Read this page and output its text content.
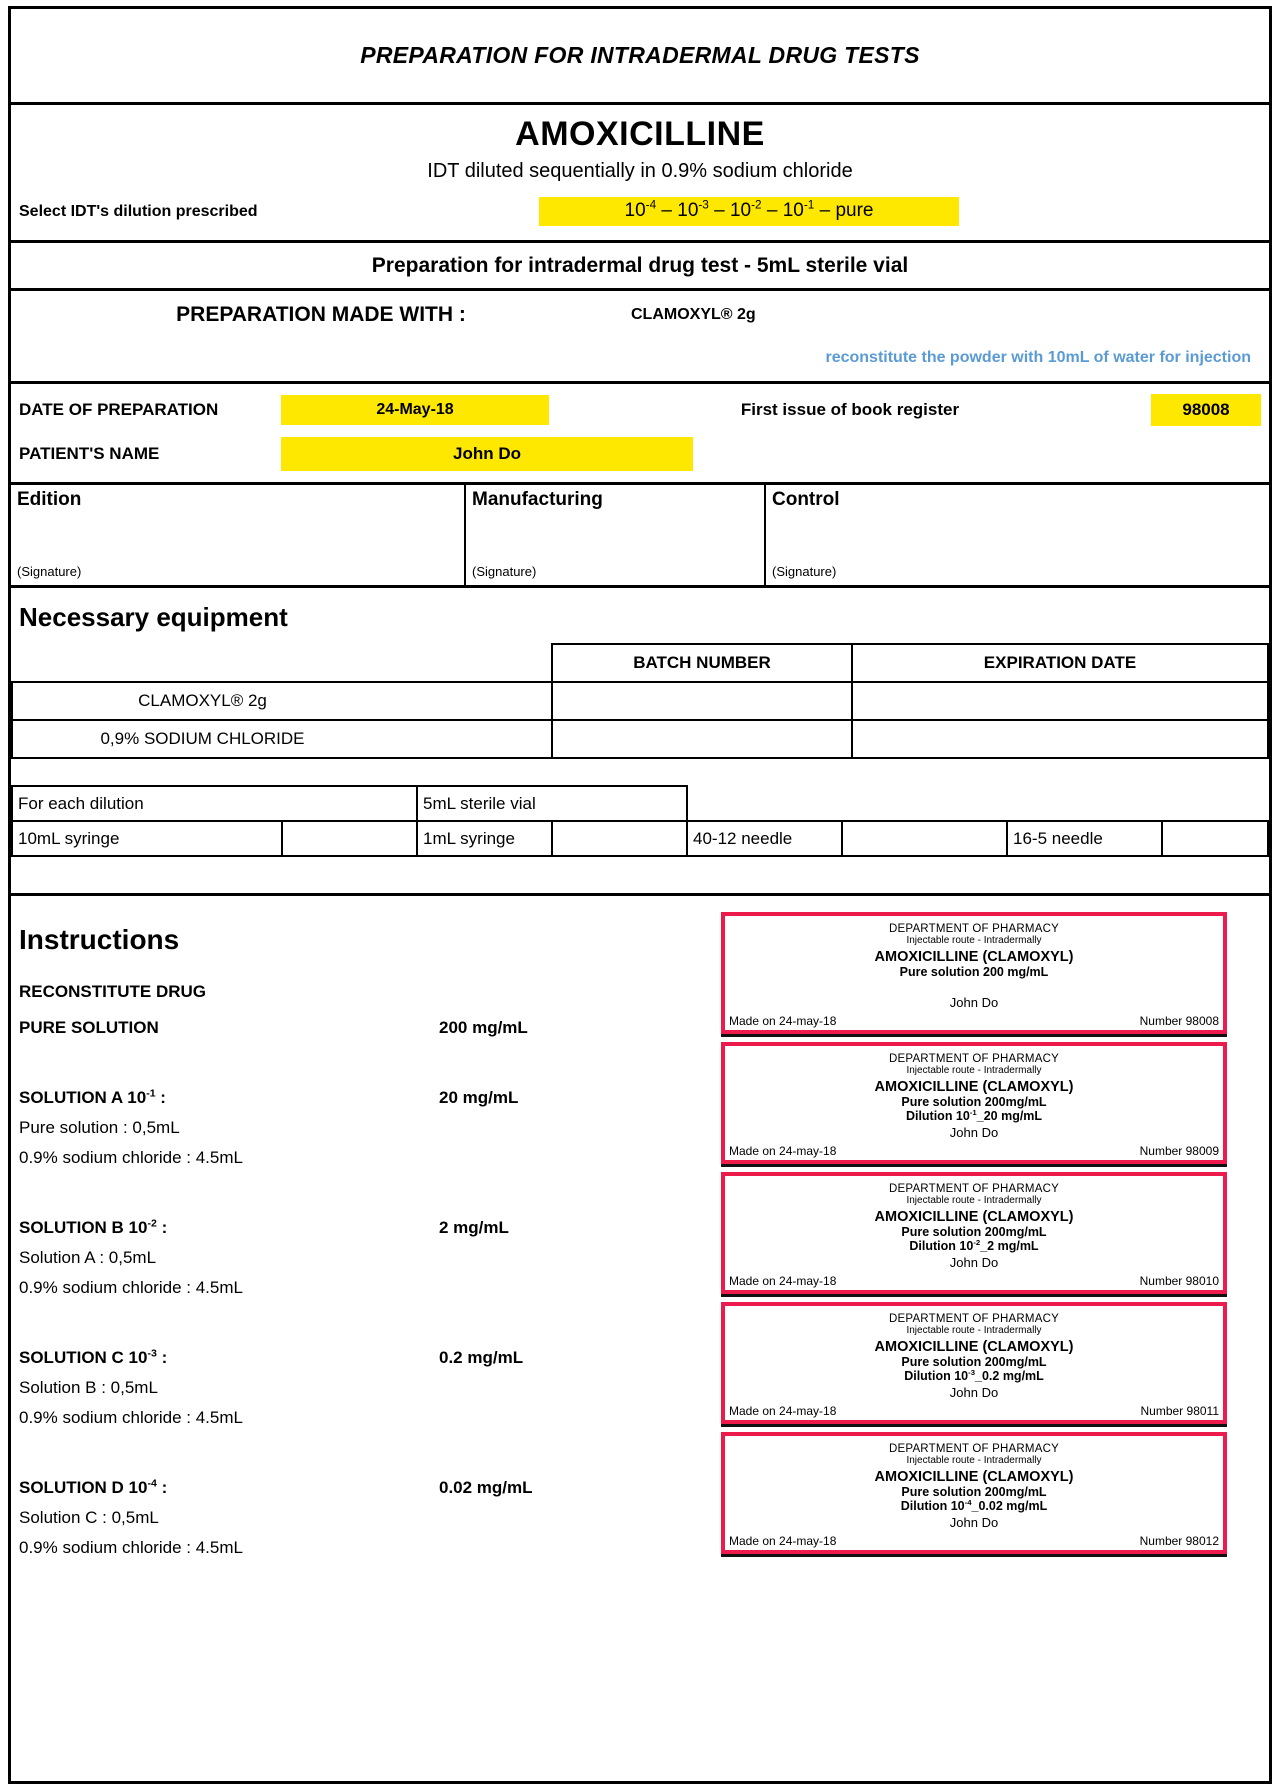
PREPARATION FOR INTRADERMAL DRUG TESTS
AMOXICILLINE
IDT diluted sequentially in 0.9% sodium chloride
Select IDT's dilution prescribed	$10^{-4} - 10^{-3} - 10^{-2} - 10^{-1}$ – pure
Preparation for intradermal drug test - 5mL sterile vial
PREPARATION MADE WITH :	CLAMOXYL® 2g
reconstitute the powder with 10mL of water for injection
DATE OF PREPARATION	24-May-18	First issue of book register	98008
PATIENT'S NAME	John Do
Edition
(Signature)
Manufacturing
(Signature)
Control
(Signature)
Necessary equipment
	BATCH NUMBER	EXPIRATION DATE
CLAMOXYL® 2g		
0,9% SODIUM CHLORIDE		
For each dilution		5mL sterile vial					
10mL syringe		1mL syringe		40-12 needle		16-5 needle	
Instructions
RECONSTITUTE DRUG
PURE SOLUTION	200 mg/mL
SOLUTION A $10^{-1}$ :	20 mg/mL
Pure solution : 0,5mL
0.9% sodium chloride : 4.5mL
SOLUTION B $10^{-2}$ :	2 mg/mL
Solution A : 0,5mL
0.9% sodium chloride : 4.5mL
SOLUTION C $10^{-3}$ :	0.2 mg/mL
Solution B : 0,5mL
0.9% sodium chloride : 4.5mL
SOLUTION D $10^{-4}$ :	0.02 mg/mL
Solution C : 0,5mL
0.9% sodium chloride : 4.5mL
DEPARTMENT OF PHARMACY
Injectable route - Intradermally
AMOXICILLINE (CLAMOXYL)
Pure solution 200 mg/mL
John Do
Made on 24-may-18	Number 98008
DEPARTMENT OF PHARMACY
Injectable route - Intradermally
AMOXICILLINE (CLAMOXYL)
Pure solution 200mg/mL
Dilution $10^{-1}\_20$ mg/mL
John Do
Made on 24-may-18	Number 98009
DEPARTMENT OF PHARMACY
Injectable route - Intradermally
AMOXICILLINE (CLAMOXYL)
Pure solution 200mg/mL
Dilution $10^{-2}\_2$ mg/mL
John Do
Made on 24-may-18	Number 98010
DEPARTMENT OF PHARMACY
Injectable route - Intradermally
AMOXICILLINE (CLAMOXYL)
Pure solution 200mg/mL
Dilution $10^{-3}\_0.2$ mg/mL
John Do
Made on 24-may-18	Number 98011
DEPARTMENT OF PHARMACY
Injectable route - Intradermally
AMOXICILLINE (CLAMOXYL)
Pure solution 200mg/mL
Dilution $10^{-4}\_0.02$ mg/mL
John Do
Made on 24-may-18	Number 98012
